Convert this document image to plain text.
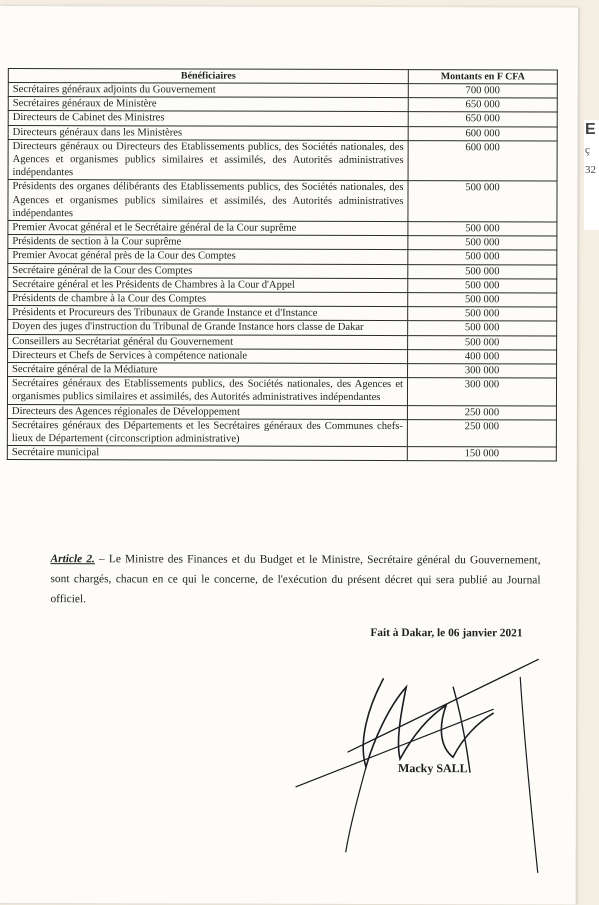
Bénéficiaires	Montants en F CFA
Secrétaires généraux adjoints du Gouvernement	700 000
Secrétaires généraux de Ministère	650 000
Directeurs de Cabinet des Ministres	650 000
Directeurs généraux dans les Ministères	600 000
Directeurs généraux ou Directeurs des Etablissements publics, des Sociétés nationales, des Agences et organismes publics similaires et assimilés, des Autorités administratives indépendantes	600 000
Présidents des organes délibérants des Etablissements publics, des Sociétés nationales, des Agences et organismes publics similaires et assimilés, des Autorités administratives indépendantes	500 000
Premier Avocat général et le Secrétaire général de la Cour suprême	500 000
Présidents de section à la Cour suprême	500 000
Premier Avocat général près de la Cour des Comptes	500 000
Secrétaire général de la Cour des Comptes	500 000
Secrétaire général et les Présidents de Chambres à la Cour d'Appel	500 000
Présidents de chambre à la Cour des Comptes	500 000
Présidents et Procureurs des Tribunaux de Grande Instance et d'Instance	500 000
Doyen des juges d'instruction du Tribunal de Grande Instance hors classe de Dakar	500 000
Conseillers au Secrétariat général du Gouvernement	500 000
Directeurs et Chefs de Services à compétence nationale	400 000
Secrétaire général de la Médiature	300 000
Secrétaires généraux des Etablissements publics, des Sociétés nationales, des Agences et organismes publics similaires et assimilés, des Autorités administratives indépendantes	300 000
Directeurs des Agences régionales de Développement	250 000
Secrétaires généraux des Départements et les Secrétaires généraux des Communes chefs-lieux de Département (circonscription administrative)	250 000
Secrétaire municipal	150 000
Article 2. – Le Ministre des Finances et du Budget et le Ministre, Secrétaire général du Gouvernement, sont chargés, chacun en ce qui le concerne, de l'exécution du présent décret qui sera publié au Journal officiel.
Fait à Dakar, le 06 janvier 2021
Macky SALL
E
ç
32
